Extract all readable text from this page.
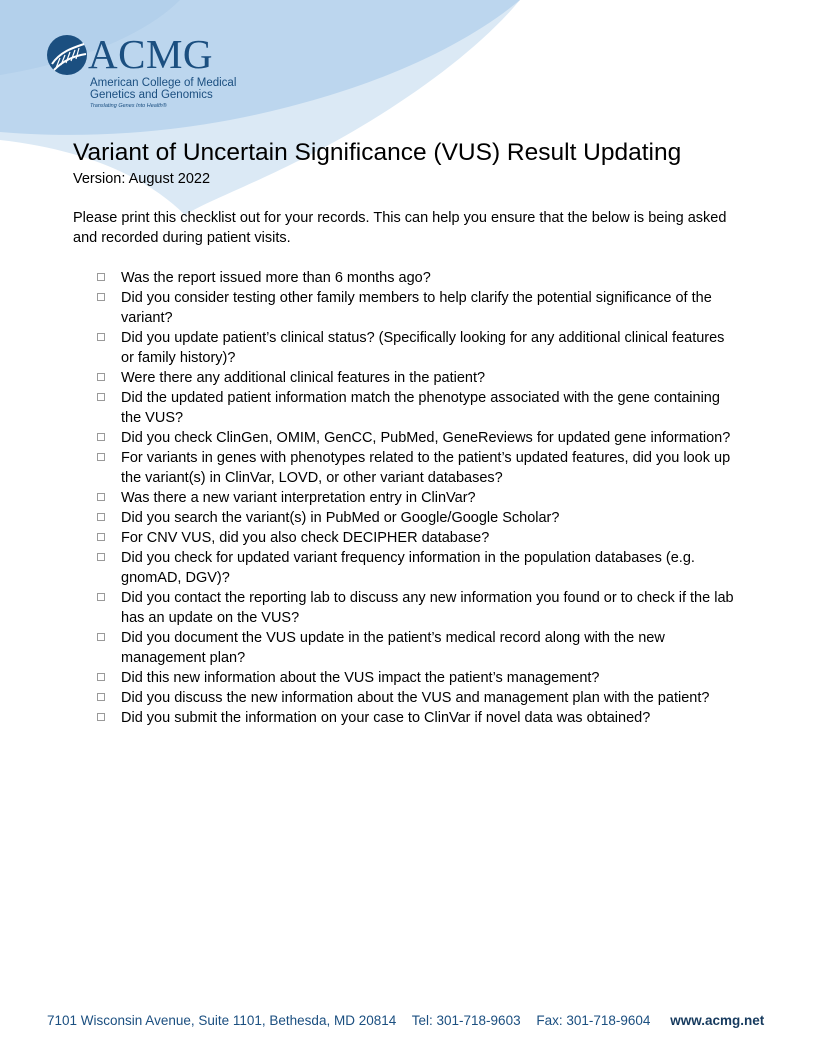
ACMG
American College of Medical
Genetics and Genomics
Translating Genes Into Health®
Variant of Uncertain Significance (VUS) Result Updating

Version: August 2022

Please print this checklist out for your records. This can help you ensure that the below is being asked and recorded during patient visits.

Was the report issued more than 6 months ago?
Did you consider testing other family members to help clarify the potential significance of the variant?
Did you update patient’s clinical status? (Specifically looking for any additional clinical features or family history)?
Were there any additional clinical features in the patient?
Did the updated patient information match the phenotype associated with the gene containing the VUS?
Did you check ClinGen, OMIM, GenCC, PubMed, GeneReviews for updated gene information?
For variants in genes with phenotypes related to the patient’s updated features, did you look up the variant(s) in ClinVar, LOVD, or other variant databases?
Was there a new variant interpretation entry in ClinVar?
Did you search the variant(s) in PubMed or Google/Google Scholar?
For CNV VUS, did you also check DECIPHER database?
Did you check for updated variant frequency information in the population databases (e.g. gnomAD, DGV)?
Did you contact the reporting lab to discuss any new information you found or to check if the lab has an update on the VUS?
Did you document the VUS update in the patient’s medical record along with the new management plan?
Did this new information about the VUS impact the patient’s management?
Did you discuss the new information about the VUS and management plan with the patient?
Did you submit the information on your case to ClinVar if novel data was obtained?
7101 Wisconsin Avenue, Suite 1101, Bethesda, MD 20814 Tel: 301-718-9603 Fax: 301-718-9604 www.acmg.net
